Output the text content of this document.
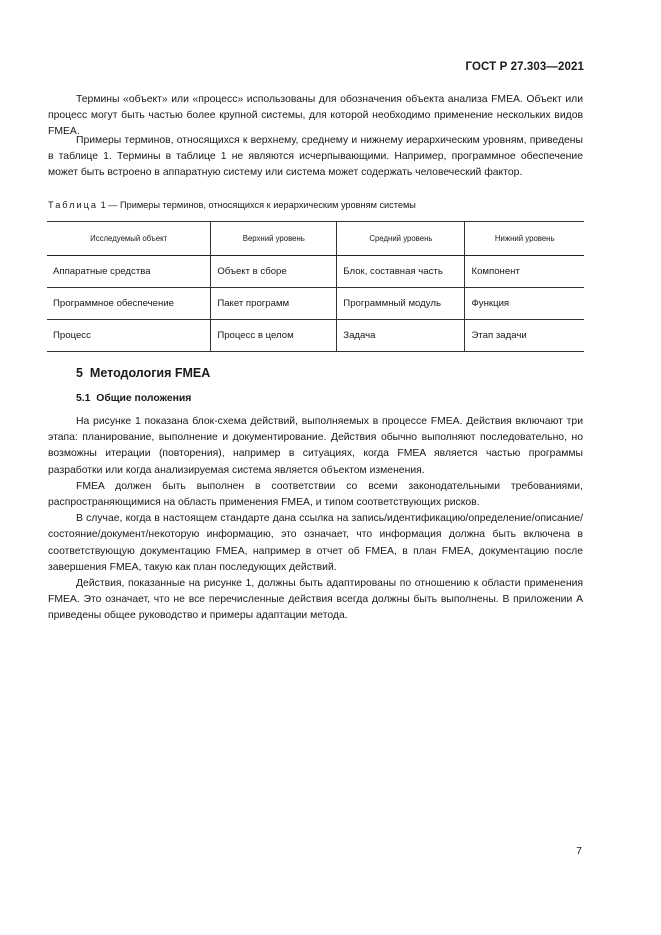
ГОСТ Р 27.303—2021

Термины «объект» или «процесс» использованы для обозначения объекта анализа FMEA. Объект или процесс могут быть частью более крупной системы, для которой необходимо применение нескольких видов FMEA.

Примеры терминов, относящихся к верхнему, среднему и нижнему иерархическим уровням, приведены в таблице 1. Термины в таблице 1 не являются исчерпывающими. Например, программное обеспечение может быть встроено в аппаратную систему или система может содержать человеческий фактор.

Таблица 1 — Примеры терминов, относящихся к иерархическим уровням системы
Исследуемый объект	Верхний уровень	Средний уровень	Нижний уровень
Аппаратные средства	Объект в сборе	Блок, составная часть	Компонент
Программное обеспечение	Пакет программ	Программный модуль	Функция
Процесс	Процесс в целом	Задача	Этап задачи
5 Методология FMEA
5.1 Общие положения

На рисунке 1 показана блок-схема действий, выполняемых в процессе FMEA. Действия включают три этапа: планирование, выполнение и документирование. Действия обычно выполняют последовательно, но возможны итерации (повторения), например в ситуациях, когда FMEA является частью программы разработки или когда анализируемая система является объектом изменения.

FMEA должен быть выполнен в соответствии со всеми законодательными требованиями, распространяющимися на область применения FMEA, и типом соответствующих рисков.

В случае, когда в настоящем стандарте дана ссылка на запись/идентификацию/определение/описание/состояние/документ/некоторую информацию, это означает, что информация должна быть включена в соответствующую документацию FMEA, например в отчет об FMEA, в план FMEA, документацию после завершения FMEA, такую как план последующих действий.

Действия, показанные на рисунке 1, должны быть адаптированы по отношению к области применения FMEA. Это означает, что не все перечисленные действия всегда должны быть выполнены. В приложении А приведены общее руководство и примеры адаптации метода.

7
